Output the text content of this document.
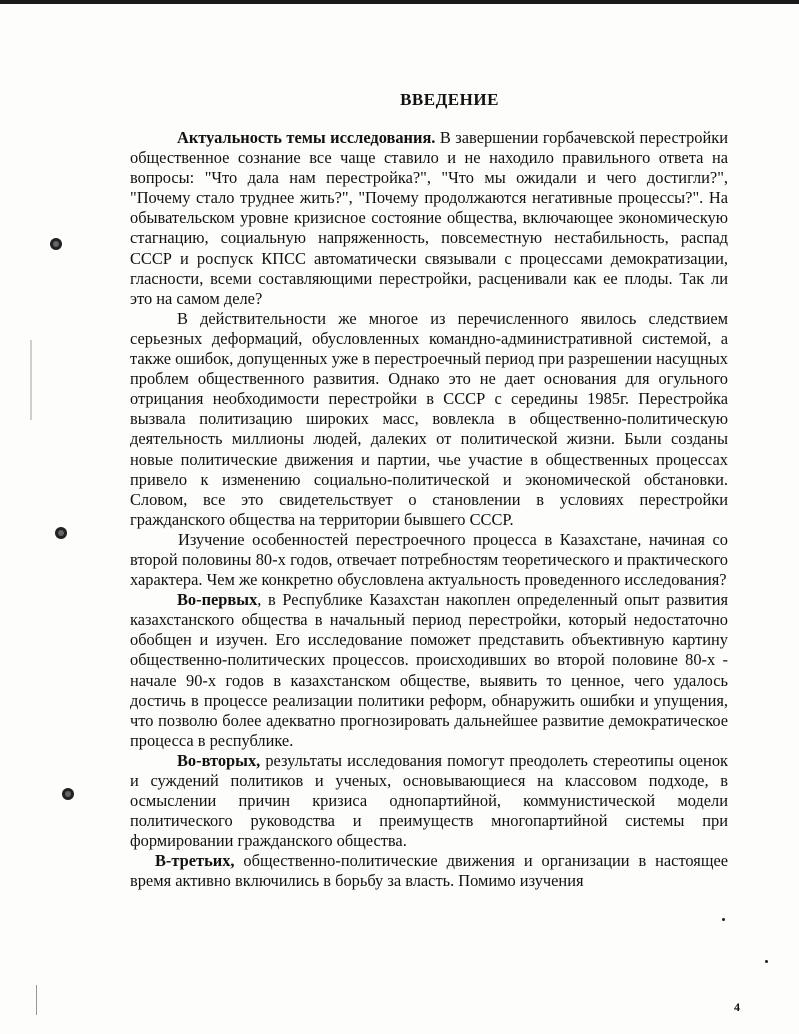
ВВЕДЕНИЕ

Актуальность темы исследования. В завершении горбачевской перестройки общественное сознание все чаще ставило и не находило правильного ответа на вопросы: "Что дала нам перестройка?", "Что мы ожидали и чего достигли?", "Почему стало труднее жить?", "Почему продолжаются негативные процессы?". На обывательском уровне кризисное состояние общества, включающее экономическую стагнацию, социальную напряженность, повсеместную нестабильность, распад СССР и роспуск КПСС автоматически связывали с процессами демократизации, гласности, всеми составляющими перестройки, расценивали как ее плоды. Так ли это на самом деле?

В действительности же многое из перечисленного явилось следствием серьезных деформаций, обусловленных командно-административной системой, а также ошибок, допущенных уже в перестроечный период при разрешении насущных проблем общественного развития. Однако это не дает основания для огульного отрицания необходимости перестройки в СССР с середины 1985г. Перестройка вызвала политизацию широких масс, вовлекла в общественно-политическую деятельность миллионы людей, далеких от политической жизни. Были созданы новые политические движения и партии, чье участие в общественных процессах привело к изменению социально-политической и экономической обстановки. Словом, все это свидетельствует о становлении в условиях перестройки гражданского общества на территории бывшего СССР.

Изучение особенностей перестроечного процесса в Казахстане, начиная со второй половины 80-х годов, отвечает потребностям теоретического и практического характера. Чем же конкретно обусловлена актуальность проведенного исследования?

Во-первых, в Республике Казахстан накоплен определенный опыт развития казахстанского общества в начальный период перестройки, который недостаточно обобщен и изучен. Его исследование поможет представить объективную картину общественно-политических процессов. происходивших во второй половине 80-х - начале 90-х годов в казахстанском обществе, выявить то ценное, чего удалось достичь в процессе реализации политики реформ, обнаружить ошибки и упущения, что позволю более адекватно прогнозировать дальнейшее развитие демократическое процесса в республике.

Во-вторых, результаты исследования помогут преодолеть стереотипы оценок и суждений политиков и ученых, основывающиеся на классовом подходе, в осмыслении причин кризиса однопартийной, коммунистической модели политического руководства и преимуществ многопартийной системы при формировании гражданского общества.

В-третьих, общественно-политические движения и организации в настоящее время активно включились в борьбу за власть. Помимо изучения

4
